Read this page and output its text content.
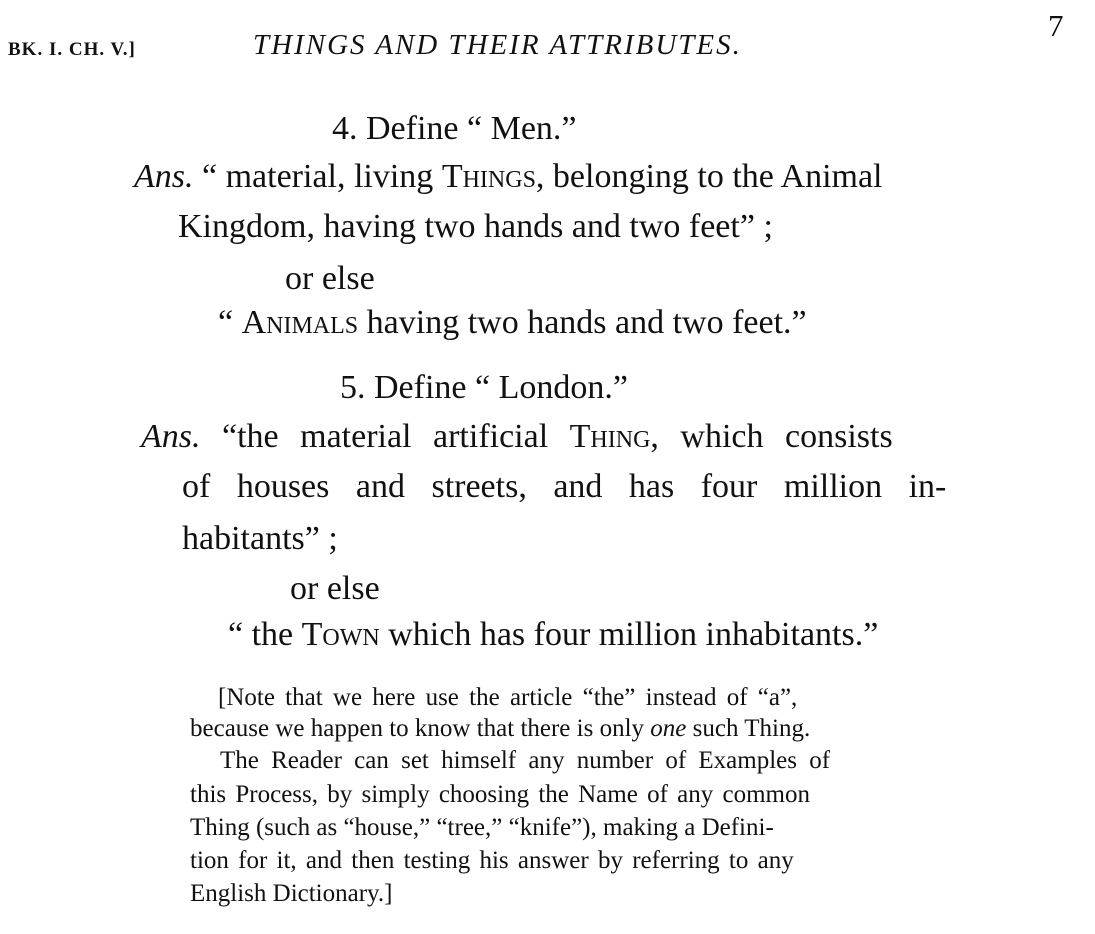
BK. I. CH. V.]	THINGS AND THEIR ATTRIBUTES.
7
4. Define “ Men.”
Ans. “ material, living Things, belonging to the Animal
Kingdom, having two hands and two feet” ;
or else
“ Animals having two hands and two feet.”
5. Define “ London.”
Ans. “the material artificial Thing, which consists
of houses and streets, and has four million in-
habitants” ;
or else
“ the Town which has four million inhabitants.”
[Note that we here use the article “the” instead of “a”,
because we happen to know that there is only one such Thing.
The Reader can set himself any number of Examples of
this Process, by simply choosing the Name of any common
Thing (such as “house,” “tree,” “knife”), making a Defini-
tion for it, and then testing his answer by referring to any
English Dictionary.]
